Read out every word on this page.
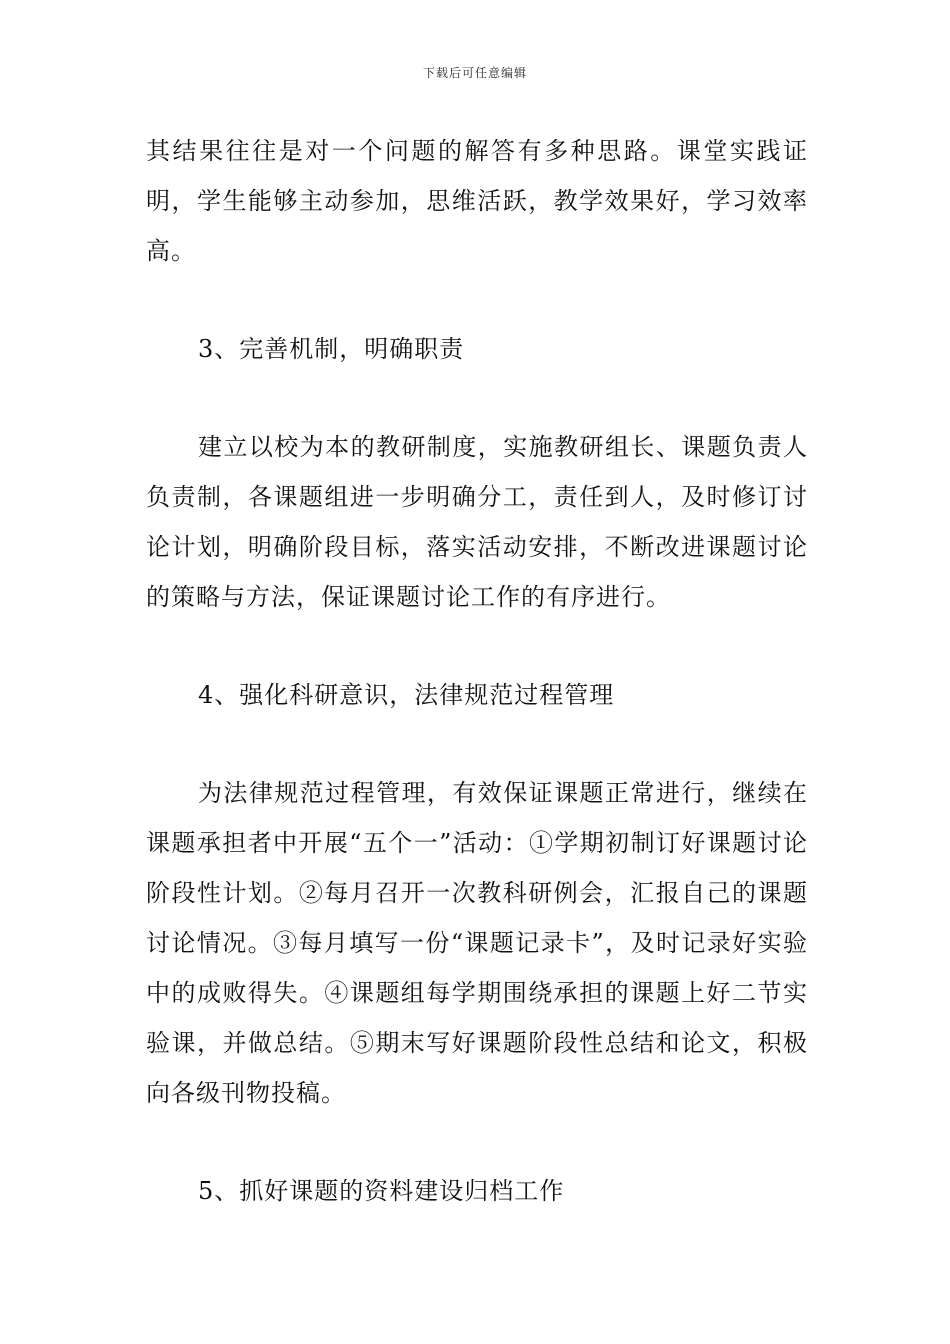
下载后可任意编辑

其结果往往是对一个问题的解答有多种思路。课堂实践证明，学生能够主动参加，思维活跃，教学效果好，学习效率高。

3、完善机制，明确职责

建立以校为本的教研制度，实施教研组长、课题负责人负责制，各课题组进一步明确分工，责任到人，及时修订讨论计划，明确阶段目标，落实活动安排，不断改进课题讨论的策略与方法，保证课题讨论工作的有序进行。

4、强化科研意识，法律规范过程管理

为法律规范过程管理，有效保证课题正常进行，继续在课题承担者中开展“五个一”活动：①学期初制订好课题讨论阶段性计划。②每月召开一次教科研例会，汇报自己的课题讨论情况。③每月填写一份“课题记录卡”，及时记录好实验中的成败得失。④课题组每学期围绕承担的课题上好二节实验课，并做总结。⑤期末写好课题阶段性总结和论文，积极向各级刊物投稿。

5、抓好课题的资料建设归档工作
